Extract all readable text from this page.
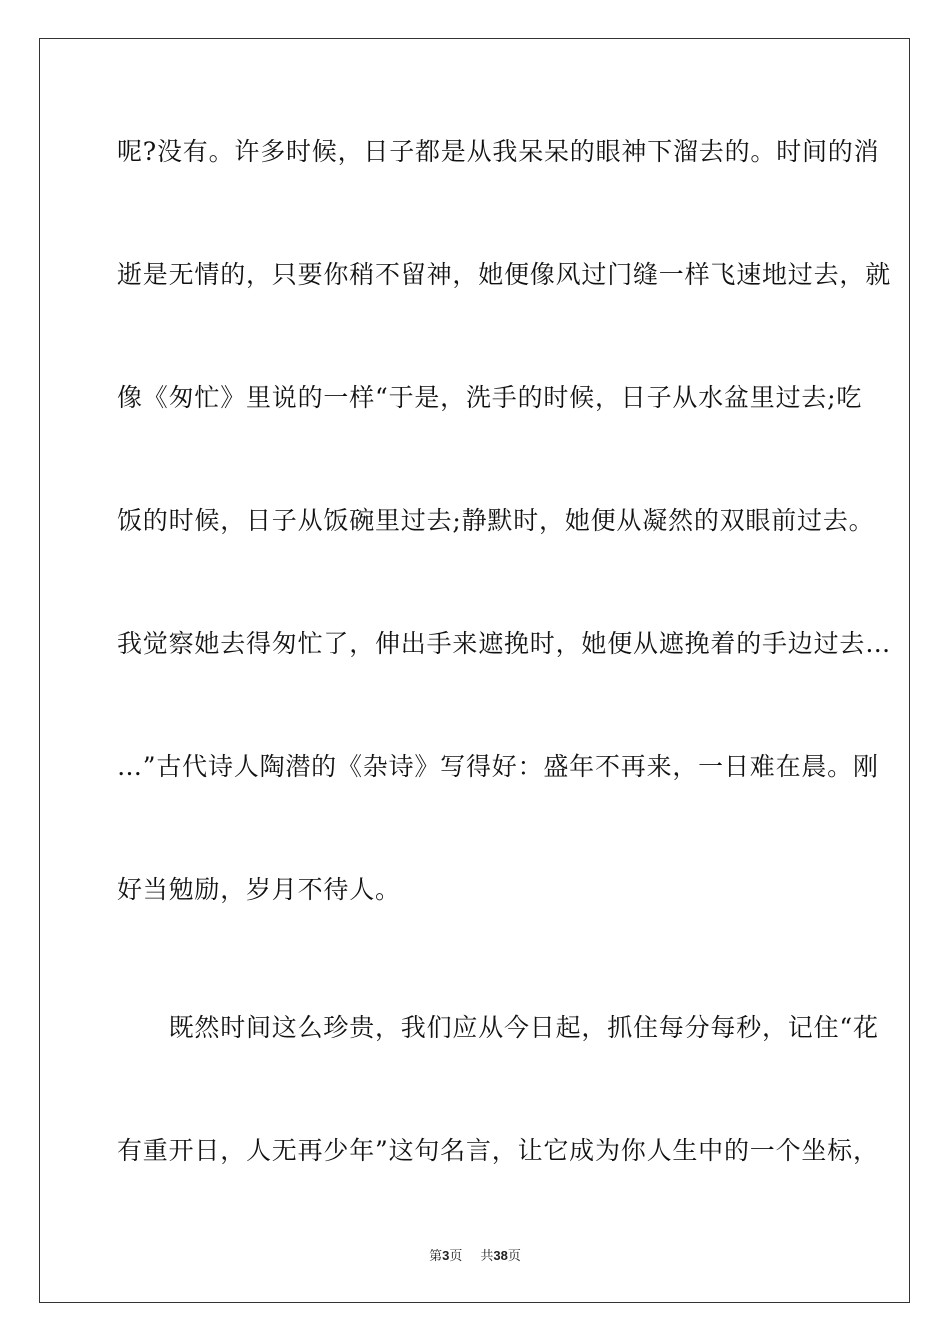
呢?没有。许多时候，日子都是从我呆呆的眼神下溜去的。时间的消
逝是无情的，只要你稍不留神，她便像风过门缝一样飞速地过去，就
像《匆忙》里说的一样“于是，洗手的时候，日子从水盆里过去;吃
饭的时候，日子从饭碗里过去;静默时，她便从凝然的双眼前过去。
我觉察她去得匆忙了，伸出手来遮挽时，她便从遮挽着的手边过去…
…”古代诗人陶潜的《杂诗》写得好：盛年不再来，一日难在晨。刚
好当勉励，岁月不待人。
　　既然时间这么珍贵，我们应从今日起，抓住每分每秒，记住“花
有重开日，人无再少年”这句名言，让它成为你人生中的一个坐标，
第3页 共38页
